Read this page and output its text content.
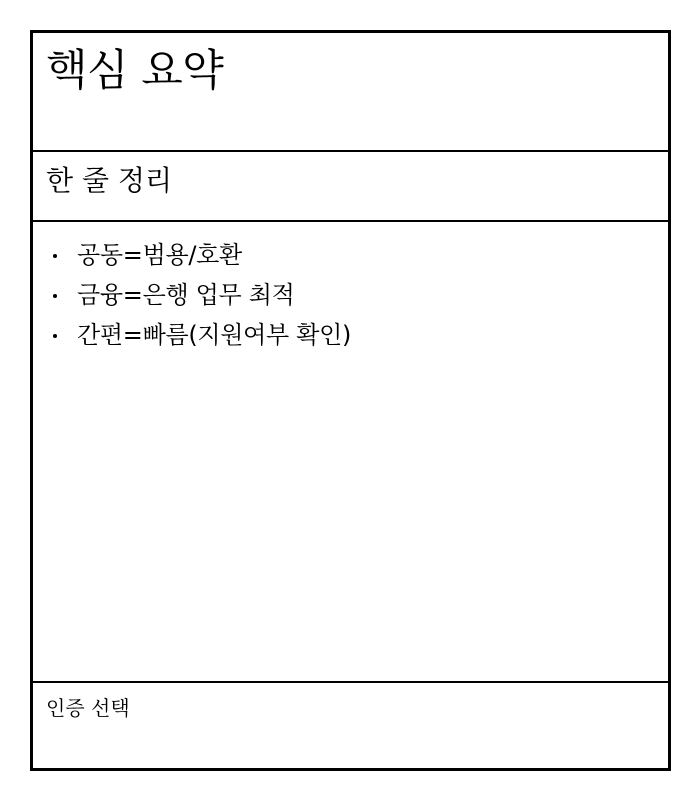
핵심 요약
한 줄 정리
공동=범용/호환
금융=은행 업무 최적
간편=빠름(지원여부 확인)

인증 선택
